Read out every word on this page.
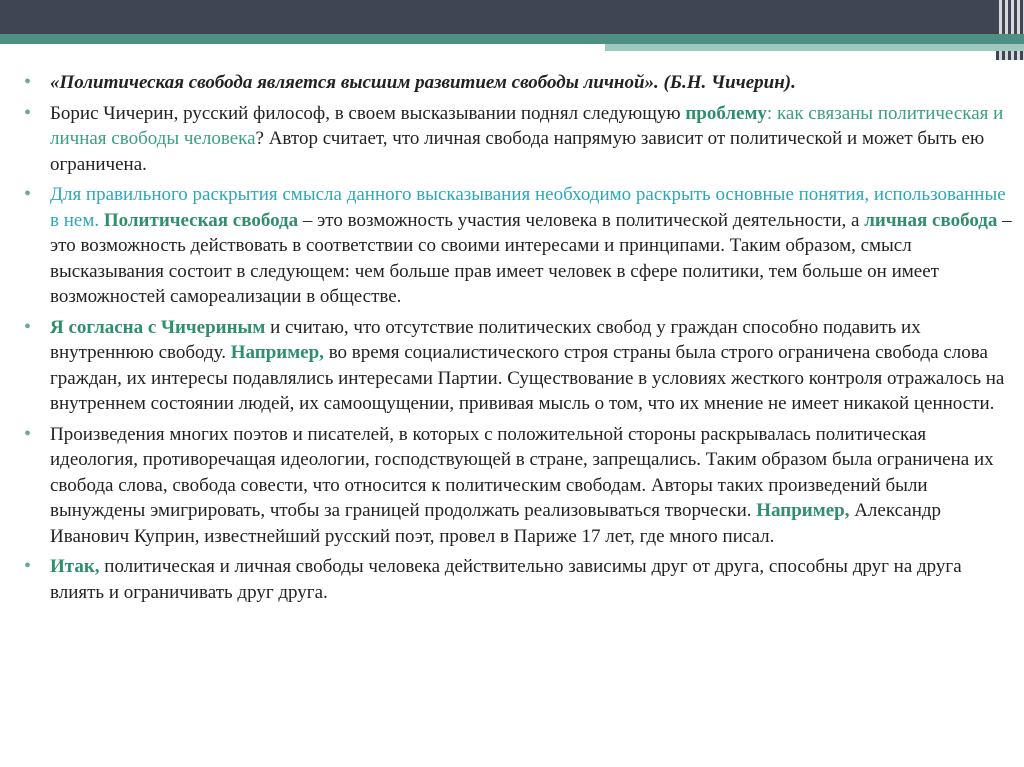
• «Политическая свобода является высшим развитием свободы личной». (Б.Н. Чичерин).
• Борис Чичерин, русский философ, в своем высказывании поднял следующую проблему: как связаны политическая и личная свободы человека? Автор считает, что личная свобода напрямую зависит от политической и может быть ею ограничена.
• Для правильного раскрытия смысла данного высказывания необходимо раскрыть основные понятия, использованные в нем. Политическая свобода – это возможность участия человека в политической деятельности, а личная свобода – это возможность действовать в соответствии со своими интересами и принципами. Таким образом, смысл высказывания состоит в следующем: чем больше прав имеет человек в сфере политики, тем больше он имеет возможностей самореализации в обществе.
• Я согласна с Чичериным и считаю, что отсутствие политических свобод у граждан способно подавить их внутреннюю свободу. Например, во время социалистического строя страны была строго ограничена свобода слова граждан, их интересы подавлялись интересами Партии. Существование в условиях жесткого контроля отражалось на внутреннем состоянии людей, их самоощущении, прививая мысль о том, что их мнение не имеет никакой ценности.
• Произведения многих поэтов и писателей, в которых с положительной стороны раскрывалась политическая идеология, противоречащая идеологии, господствующей в стране, запрещались. Таким образом была ограничена их свобода слова, свобода совести, что относится к политическим свободам. Авторы таких произведений были вынуждены эмигрировать, чтобы за границей продолжать реализовываться творчески. Например, Александр Иванович Куприн, известнейший русский поэт, провел в Париже 17 лет, где много писал.
• Итак, политическая и личная свободы человека действительно зависимы друг от друга, способны друг на друга влиять и ограничивать друг друга.
